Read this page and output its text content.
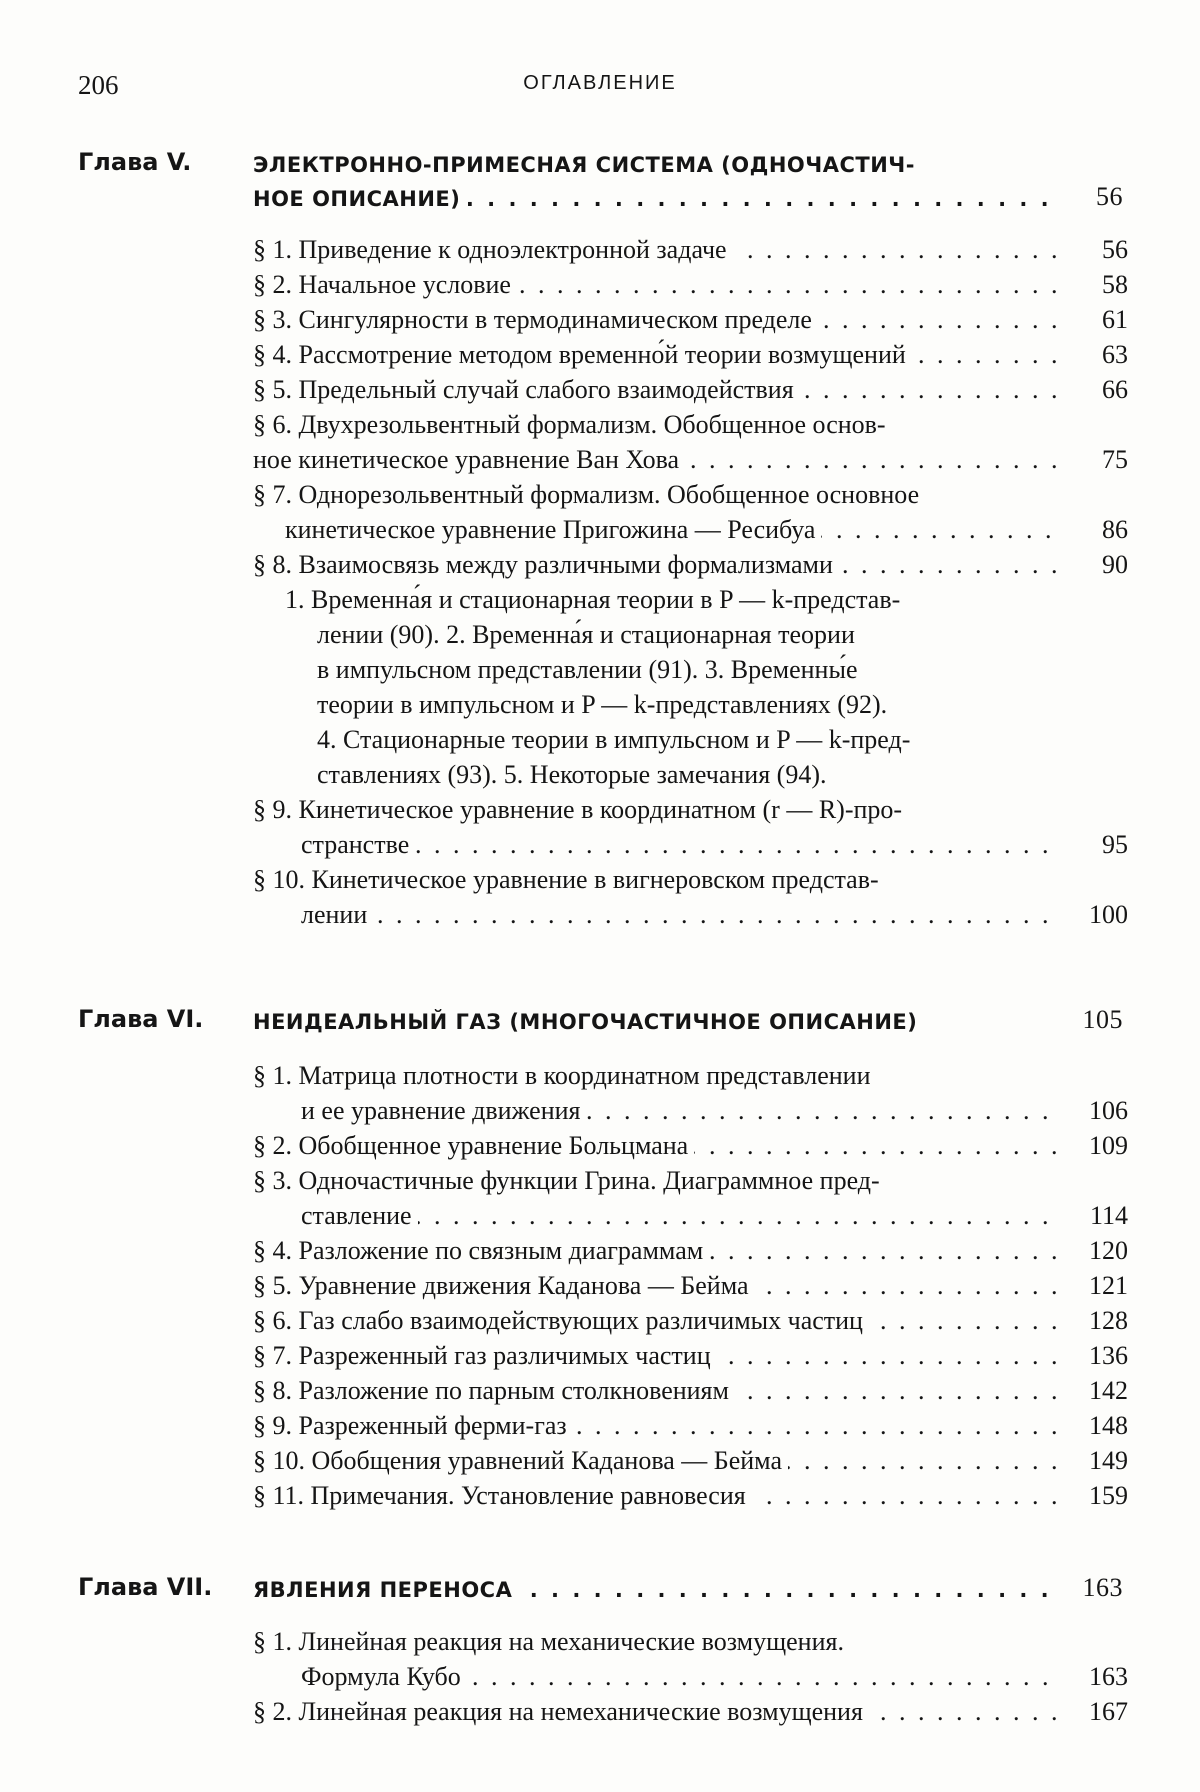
206	ОГЛАВЛЕНИЕ
Глава V.	ЭЛЕКТРОННО-ПРИМЕСНАЯ СИСТЕМА (ОДНОЧАСТИЧ-
НОЕ ОПИСАНИЕ) . . .	56
§ 1. Приведение к одноэлектронной задаче . . .	56
§ 2. Начальное условие . . .	58
§ 3. Сингулярности в термодинамическом пределе . . .	61
§ 4. Рассмотрение методом временно́й теории возмущений . . .	63
§ 5. Предельный случай слабого взаимодействия . . .	66
§ 6. Двухрезольвентный формализм. Обобщенное основ-
ное кинетическое уравнение Ван Хова . . .	75
§ 7. Однорезольвентный формализм. Обобщенное основное
кинетическое уравнение Пригожина — Ресибуа . . .	86
§ 8. Взаимосвязь между различными формализмами . . .	90
1. Временна́я и стационарная теории в P — k-представ-
лении (90). 2. Временна́я и стационарная теории
в импульсном представлении (91). 3. Временны́е
теории в импульсном и P — k-представлениях (92).
4. Стационарные теории в импульсном и P — k-пред-
ставлениях (93). 5. Некоторые замечания (94).
§ 9. Кинетическое уравнение в координатном (r — R)-про-
странстве . . .	95
§ 10. Кинетическое уравнение в вигнеровском представ-
лении . . .	100
Глава VI.	НЕИДЕАЛЬНЫЙ ГАЗ (МНОГОЧАСТИЧНОЕ ОПИСАНИЕ)	105
§ 1. Матрица плотности в координатном представлении
и ее уравнение движения . . .	106
§ 2. Обобщенное уравнение Больцмана . . .	109
§ 3. Одночастичные функции Грина. Диаграммное пред-
ставление . . .	114
§ 4. Разложение по связным диаграммам . . .	120
§ 5. Уравнение движения Каданова — Бейма . . .	121
§ 6. Газ слабо взаимодействующих различимых частиц . . .	128
§ 7. Разреженный газ различимых частиц . . .	136
§ 8. Разложение по парным столкновениям . . .	142
§ 9. Разреженный ферми-газ . . .	148
§ 10. Обобщения уравнений Каданова — Бейма . . .	149
§ 11. Примечания. Установление равновесия . . .	159
Глава VII.	ЯВЛЕНИЯ ПЕРЕНОСА . . .	163
§ 1. Линейная реакция на механические возмущения.
Формула Кубо . . .	163
§ 2. Линейная реакция на немеханические возмущения . . .	167
